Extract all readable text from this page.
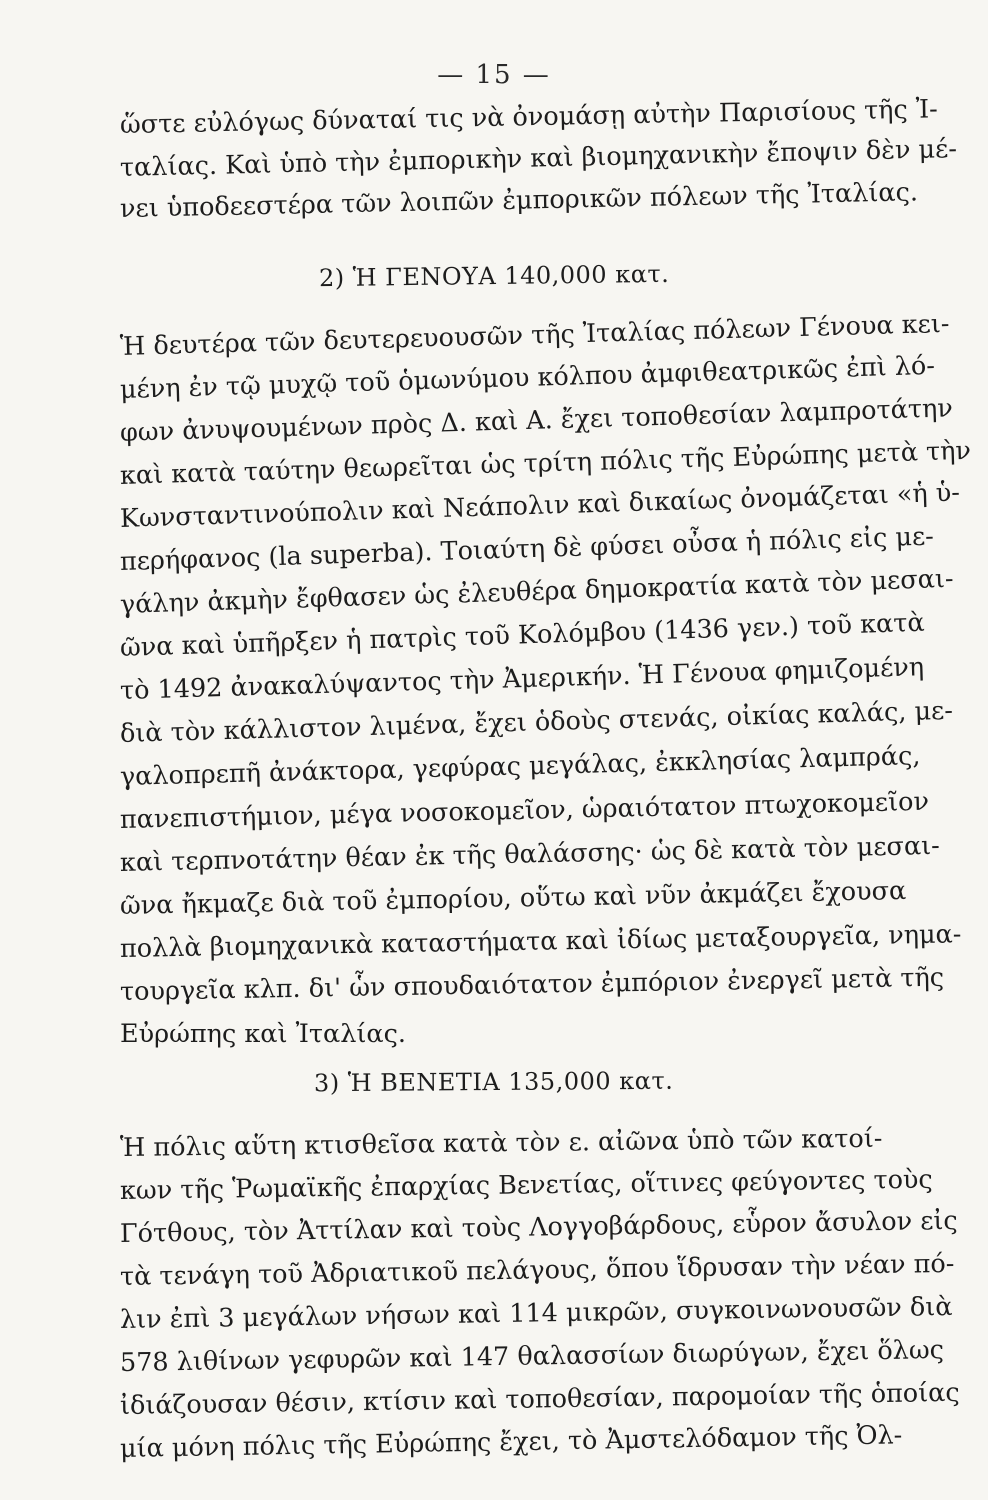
— 15 —
ὥστε εὐλόγως δύναταί τις νὰ ὀνομάσῃ αὐτὴν Παρισίους τῆς Ἰ-
ταλίας. Καὶ ὑπὸ τὴν ἐμπορικὴν καὶ βιομηχανικὴν ἔποψιν δὲν μέ-
νει ὑποδεεστέρα τῶν λοιπῶν ἐμπορικῶν πόλεων τῆς Ἰταλίας.
2) Ἡ ΓΕΝΟΥΑ 140,000 κατ.
Ἡ δευτέρα τῶν δευτερευουσῶν τῆς Ἰταλίας πόλεων Γένουα κει-
μένη ἐν τῷ μυχῷ τοῦ ὁμωνύμου κόλπου ἀμφιθεατρικῶς ἐπὶ λό-
φων ἀνυψουμένων πρὸς Δ. καὶ Α. ἔχει τοποθεσίαν λαμπροτάτην
καὶ κατὰ ταύτην θεωρεῖται ὡς τρίτη πόλις τῆς Εὐρώπης μετὰ τὴν
Κωνσταντινούπολιν καὶ Νεάπολιν καὶ δικαίως ὀνομάζεται «ἡ ὑ-
περήφανος (la superba). Τοιαύτη δὲ φύσει οὖσα ἡ πόλις εἰς με-
γάλην ἀκμὴν ἔφθασεν ὡς ἐλευθέρα δημοκρατία κατὰ τὸν μεσαι-
ῶνα καὶ ὑπῆρξεν ἡ πατρὶς τοῦ Κολόμβου (1436 γεν.) τοῦ κατὰ
τὸ 1492 ἀνακαλύψαντος τὴν Ἀμερικήν. Ἡ Γένουα φημιζομένη
διὰ τὸν κάλλιστον λιμένα, ἔχει ὁδοὺς στενάς, οἰκίας καλάς, με-
γαλοπρεπῆ ἀνάκτορα, γεφύρας μεγάλας, ἐκκλησίας λαμπράς,
πανεπιστήμιον, μέγα νοσοκομεῖον, ὡραιότατον πτωχοκομεῖον
καὶ τερπνοτάτην θέαν ἐκ τῆς θαλάσσης· ὡς δὲ κατὰ τὸν μεσαι-
ῶνα ἤκμαζε διὰ τοῦ ἐμπορίου, οὕτω καὶ νῦν ἀκμάζει ἔχουσα
πολλὰ βιομηχανικὰ καταστήματα καὶ ἰδίως μεταξουργεῖα, νημα-
τουργεῖα κλπ. δι' ὧν σπουδαιότατον ἐμπόριον ἐνεργεῖ μετὰ τῆς
Εὐρώπης καὶ Ἰταλίας.
3) Ἡ ΒΕΝΕΤΙΑ 135,000 κατ.
Ἡ πόλις αὕτη κτισθεῖσα κατὰ τὸν ε. αἰῶνα ὑπὸ τῶν κατοί-
κων τῆς Ῥωμαϊκῆς ἐπαρχίας Βενετίας, οἵτινες φεύγοντες τοὺς
Γότθους, τὸν Ἀττίλαν καὶ τοὺς Λογγοβάρδους, εὗρον ἄσυλον εἰς
τὰ τενάγη τοῦ Ἀδριατικοῦ πελάγους, ὅπου ἵδρυσαν τὴν νέαν πό-
λιν ἐπὶ 3 μεγάλων νήσων καὶ 114 μικρῶν, συγκοινωνουσῶν διὰ
578 λιθίνων γεφυρῶν καὶ 147 θαλασσίων διωρύγων, ἔχει ὅλως
ἰδιάζουσαν θέσιν, κτίσιν καὶ τοποθεσίαν, παρομοίαν τῆς ὁποίας
μία μόνη πόλις τῆς Εὐρώπης ἔχει, τὸ Ἀμστελόδαμον τῆς Ὀλ-
